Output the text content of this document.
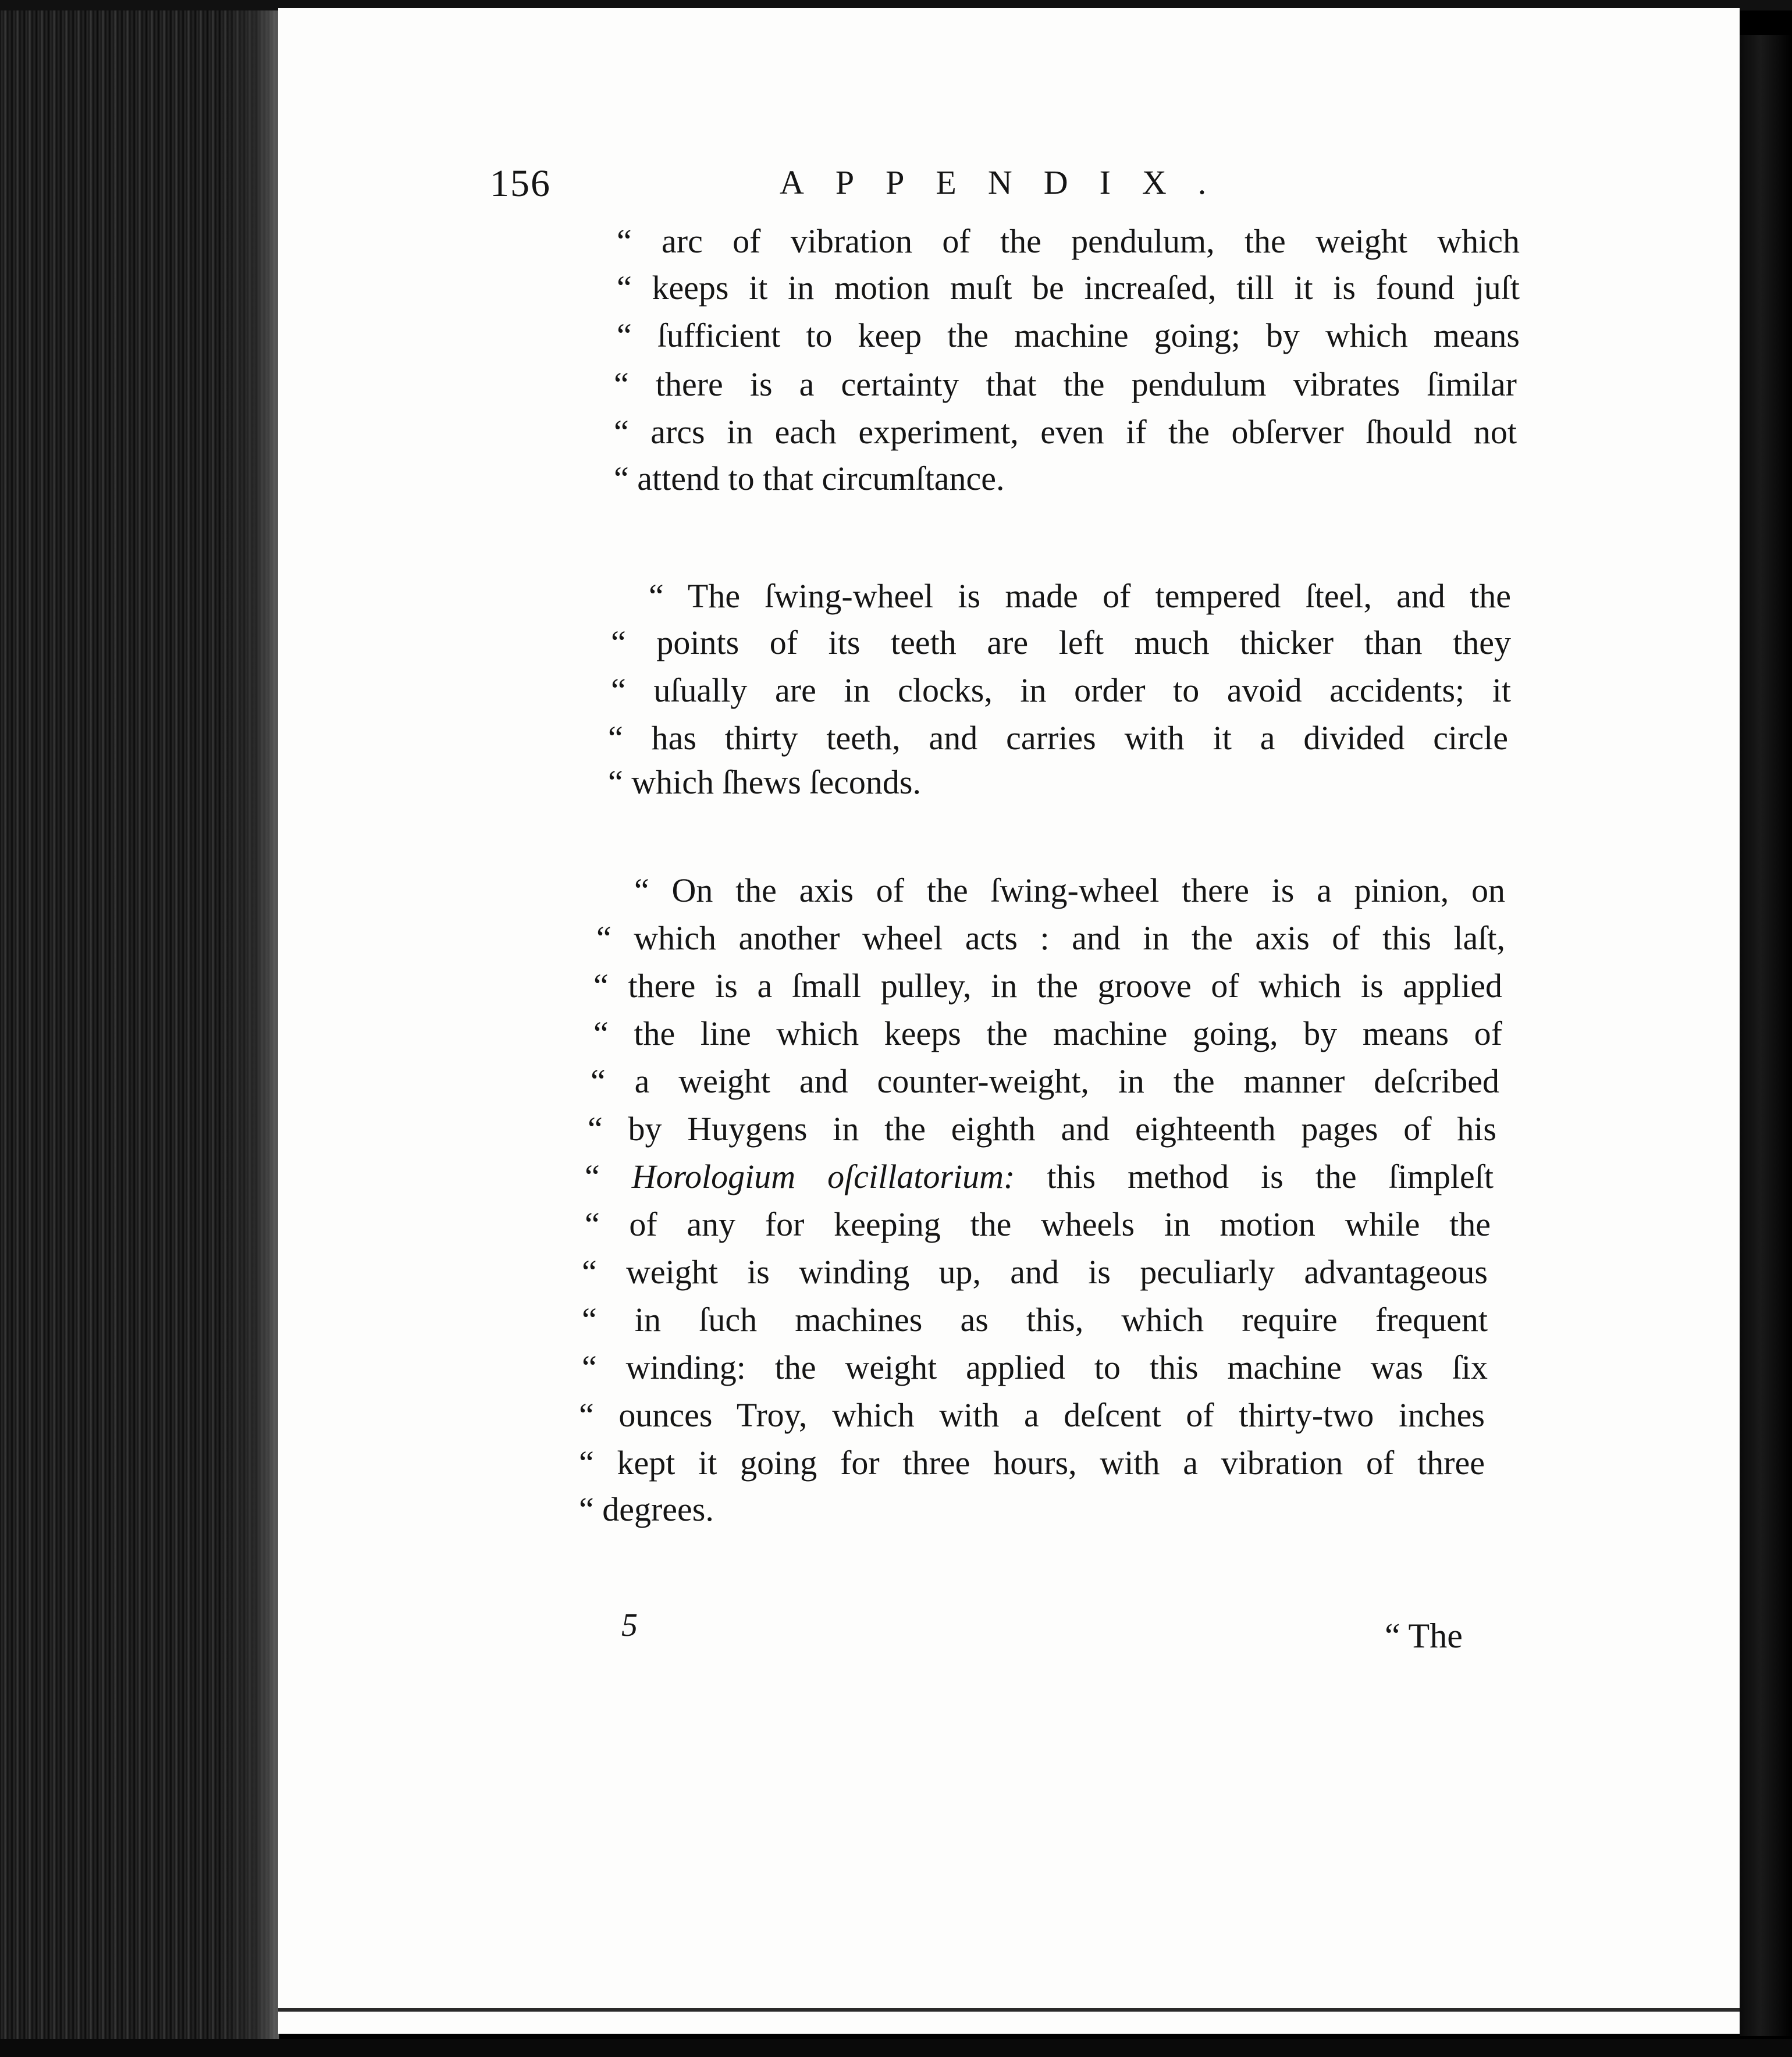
156	APPENDIX.
“ arc of vibration of the pendulum, the weight which
“ keeps it in motion muſt be increaſed, till it is found juſt
“ ſufficient to keep the machine going; by which means
“ there is a certainty that the pendulum vibrates ſimilar
“ arcs in each experiment, even if the obſerver ſhould not
“ attend to that circumſtance.
“ The ſwing-wheel is made of tempered ſteel, and the
“ points of its teeth are left much thicker than they
“ uſually are in clocks, in order to avoid accidents; it
“ has thirty teeth, and carries with it a divided circle
“ which ſhews ſeconds.
“ On the axis of the ſwing-wheel there is a pinion, on
“ which another wheel acts : and in the axis of this laſt,
“ there is a ſmall pulley, in the groove of which is applied
“ the line which keeps the machine going, by means of
“ a weight and counter-weight, in the manner deſcribed
“ by Huygens in the eighth and eighteenth pages of his
“ Horologium oſcillatorium: this method is the ſimpleſt
“ of any for keeping the wheels in motion while the
“ weight is winding up, and is peculiarly advantageous
“ in ſuch machines as this, which require frequent
“ winding: the weight applied to this machine was ſix
“ ounces Troy, which with a deſcent of thirty-two inches
“ kept it going for three hours, with a vibration of three
“ degrees.
5	“ The
